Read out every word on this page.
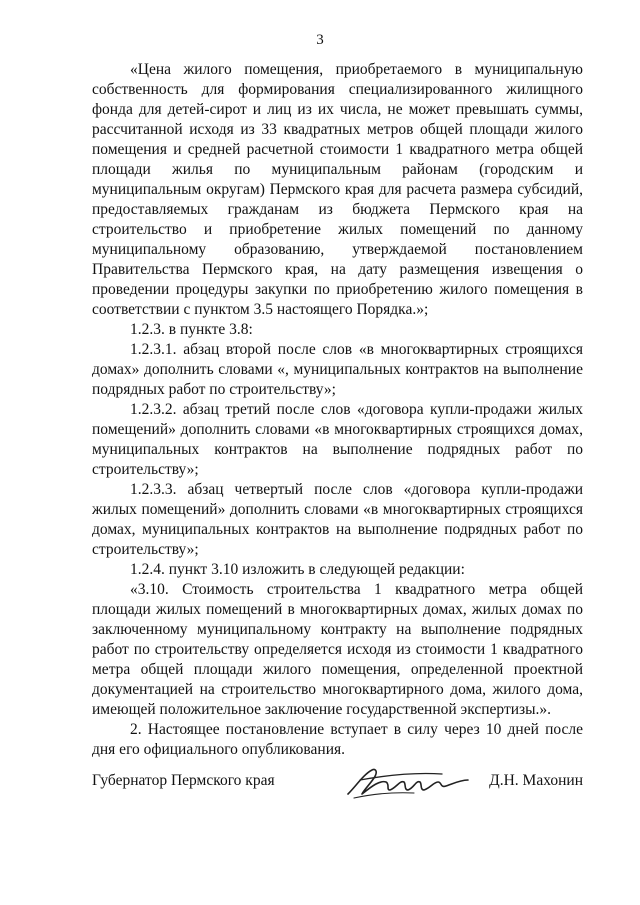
3

«Цена жилого помещения, приобретаемого в муниципальную собственность для формирования специализированного жилищного фонда для детей-сирот и лиц из их числа, не может превышать суммы, рассчитанной исходя из 33 квадратных метров общей площади жилого помещения и средней расчетной стоимости 1 квадратного метра общей площади жилья по муниципальным районам (городским и муниципальным округам) Пермского края для расчета размера субсидий, предоставляемых гражданам из бюджета Пермского края на строительство и приобретение жилых помещений по данному муниципальному образованию, утверждаемой постановлением Правительства Пермского края, на дату размещения извещения о проведении процедуры закупки по приобретению жилого помещения в соответствии с пунктом 3.5 настоящего Порядка.»;

1.2.3. в пункте 3.8:

1.2.3.1. абзац второй после слов «в многоквартирных строящихся домах» дополнить словами «, муниципальных контрактов на выполнение подрядных работ по строительству»;

1.2.3.2. абзац третий после слов «договора купли-продажи жилых помещений» дополнить словами «в многоквартирных строящихся домах, муниципальных контрактов на выполнение подрядных работ по строительству»;

1.2.3.3. абзац четвертый после слов «договора купли-продажи жилых помещений» дополнить словами «в многоквартирных строящихся домах, муниципальных контрактов на выполнение подрядных работ по строительству»;

1.2.4. пункт 3.10 изложить в следующей редакции:

«3.10. Стоимость строительства 1 квадратного метра общей площади жилых помещений в многоквартирных домах, жилых домах по заключенному муниципальному контракту на выполнение подрядных работ по строительству определяется исходя из стоимости 1 квадратного метра общей площади жилого помещения, определенной проектной документацией на строительство многоквартирного дома, жилого дома, имеющей положительное заключение государственной экспертизы.».

2. Настоящее постановление вступает в силу через 10 дней после дня его официального опубликования.

Губернатор Пермского края	Д.Н. Махонин
